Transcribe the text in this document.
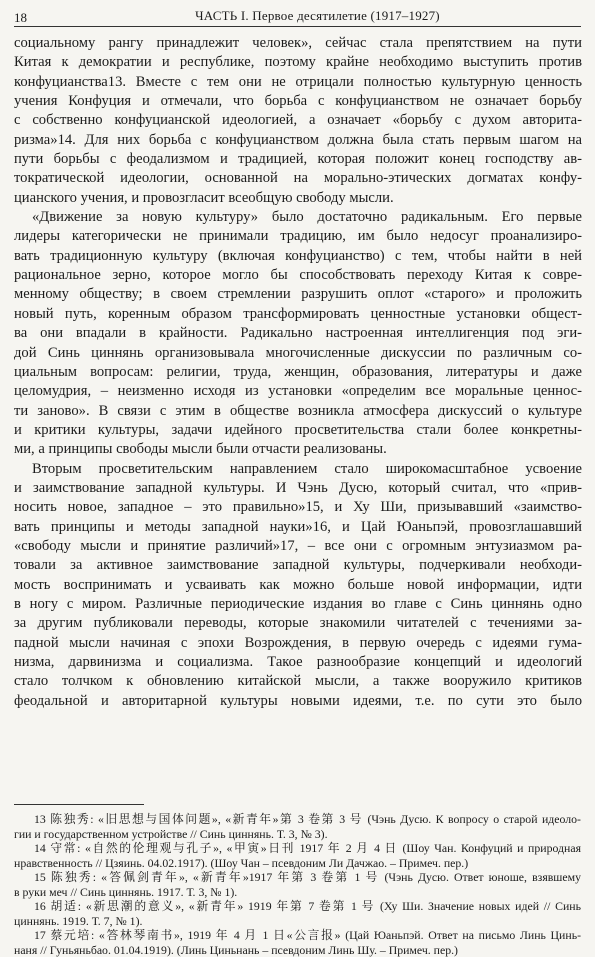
18	ЧАСТЬ I. Первое десятилетие (1917–1927)

социальному рангу принадлежит человек», сейчас стала препятствием на пути
Китая к демократии и республике, поэтому крайне необходимо выступить против
конфуцианства13. Вместе с тем они не отрицали полностью культурную ценность
учения Конфуция и отмечали, что борьба с конфуцианством не означает борьбу
с собственно конфуцианской идеологией, а означает «борьбу с духом авторита-
ризма»14. Для них борьба с конфуцианством должна была стать первым шагом на
пути борьбы с феодализмом и традицией, которая положит конец господству ав-
тократической идеологии, основанной на морально-этических догматах конфу-
цианского учения, и провозгласит всеобщую свободу мысли.

«Движение за новую культуру» было достаточно радикальным. Его первые
лидеры категорически не принимали традицию, им было недосуг проанализиро-
вать традиционную культуру (включая конфуцианство) с тем, чтобы найти в ней
рациональное зерно, которое могло бы способствовать переходу Китая к совре-
менному обществу; в своем стремлении разрушить оплот «старого» и проложить
новый путь, коренным образом трансформировать ценностные установки общест-
ва они впадали в крайности. Радикально настроенная интеллигенция под эги-
дой Синь циннянь организовывала многочисленные дискуссии по различным со-
циальным вопросам: религии, труда, женщин, образования, литературы и даже
целомудрия, – неизменно исходя из установки «определим все моральные ценнос-
ти заново». В связи с этим в обществе возникла атмосфера дискуссий о культуре
и критики культуры, задачи идейного просветительства стали более конкретны-
ми, а принципы свободы мысли были отчасти реализованы.

Вторым просветительским направлением стало широкомасштабное усвоение
и заимствование западной культуры. И Чэнь Дусю, который считал, что «прив-
носить новое, западное – это правильно»15, и Ху Ши, призывавший «заимство-
вать принципы и методы западной науки»16, и Цай Юаньпэй, провозглашавший
«свободу мысли и принятие различий»17, – все они с огромным энтузиазмом ра-
товали за активное заимствование западной культуры, подчеркивали необходи-
мость воспринимать и усваивать как можно больше новой информации, идти
в ногу с миром. Различные периодические издания во главе с Синь циннянь одно
за другим публиковали переводы, которые знакомили читателей с течениями за-
падной мысли начиная с эпохи Возрождения, в первую очередь с идеями гума-
низма, дарвинизма и социализма. Такое разнообразие концепций и идеологий
стало толчком к обновлению китайской мысли, а также вооружило критиков
феодальной и авторитарной культуры новыми идеями, т.е. по сути это было

13 陈独秀: «旧思想与国体问题», «新青年»第 3 卷第 3 号 (Чэнь Дусю. К вопросу о старой идеоло-
гии и государственном устройстве // Синь циннянь. Т. 3, № 3).
14 守常: «自然的伦理观与孔子», «甲寅»日刊 1917 年 2 月 4 日 (Шоу Чан. Конфуций и природная
нравственность // Цзяинь. 04.02.1917). (Шоу Чан – псевдоним Ли Дачжао. – Примеч. пер.)
15 陈独秀: «答佩剑青年», «新青年»1917 年第 3 卷第 1 号 (Чэнь Дусю. Ответ юноше, взявшему
в руки меч // Синь циннянь. 1917. Т. 3, № 1).
16 胡适: «新思潮的意义», «新青年» 1919 年第 7 卷第 1 号 (Ху Ши. Значение новых идей // Синь
циннянь. 1919. Т. 7, № 1).
17 蔡元培: «答林琴南书», 1919 年 4 月 1 日«公言报» (Цай Юаньпэй. Ответ на письмо Линь Цинь-
наня // Гуньяньбао. 01.04.1919). (Линь Циньнань – псевдоним Линь Шу. – Примеч. пер.)
